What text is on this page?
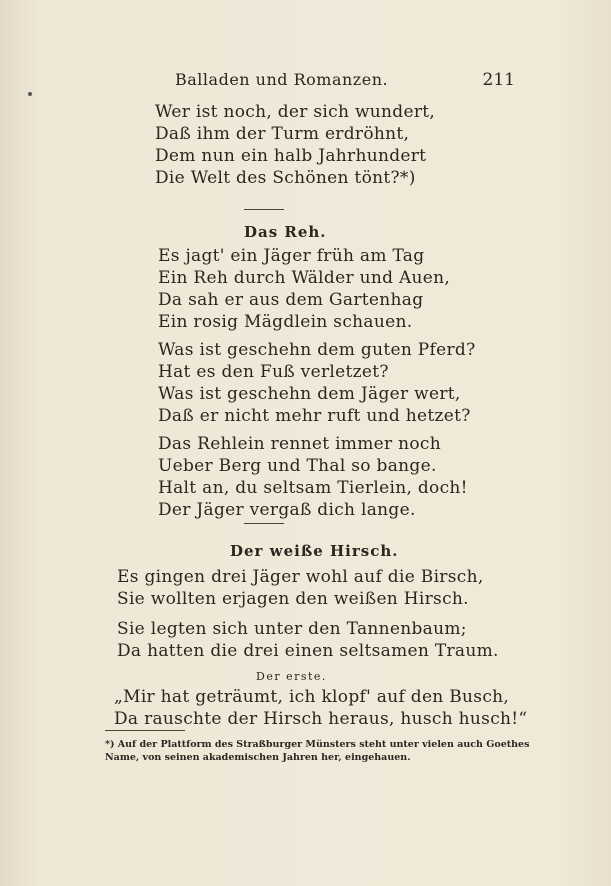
Balladen und Romanzen.	211
Wer ist noch, der sich wundert,
Daß ihm der Turm erdröhnt,
Dem nun ein halb Jahrhundert
Die Welt des Schönen tönt?*)
Das Reh.
Es jagt' ein Jäger früh am Tag
Ein Reh durch Wälder und Auen,
Da sah er aus dem Gartenhag
Ein rosig Mägdlein schauen.
Was ist geschehn dem guten Pferd?
Hat es den Fuß verletzet?
Was ist geschehn dem Jäger wert,
Daß er nicht mehr ruft und hetzet?
Das Rehlein rennet immer noch
Ueber Berg und Thal so bange.
Halt an, du seltsam Tierlein, doch!
Der Jäger vergaß dich lange.
Der weiße Hirsch.
Es gingen drei Jäger wohl auf die Birsch,
Sie wollten erjagen den weißen Hirsch.
Sie legten sich unter den Tannenbaum;
Da hatten die drei einen seltsamen Traum.
Der erste.
„Mir hat geträumt, ich klopf' auf den Busch,
Da rauschte der Hirsch heraus, husch husch!“
*) Auf der Plattform des Straßburger Münsters steht unter vielen auch Goethes Name, von seinen akademischen Jahren her, eingehauen.
